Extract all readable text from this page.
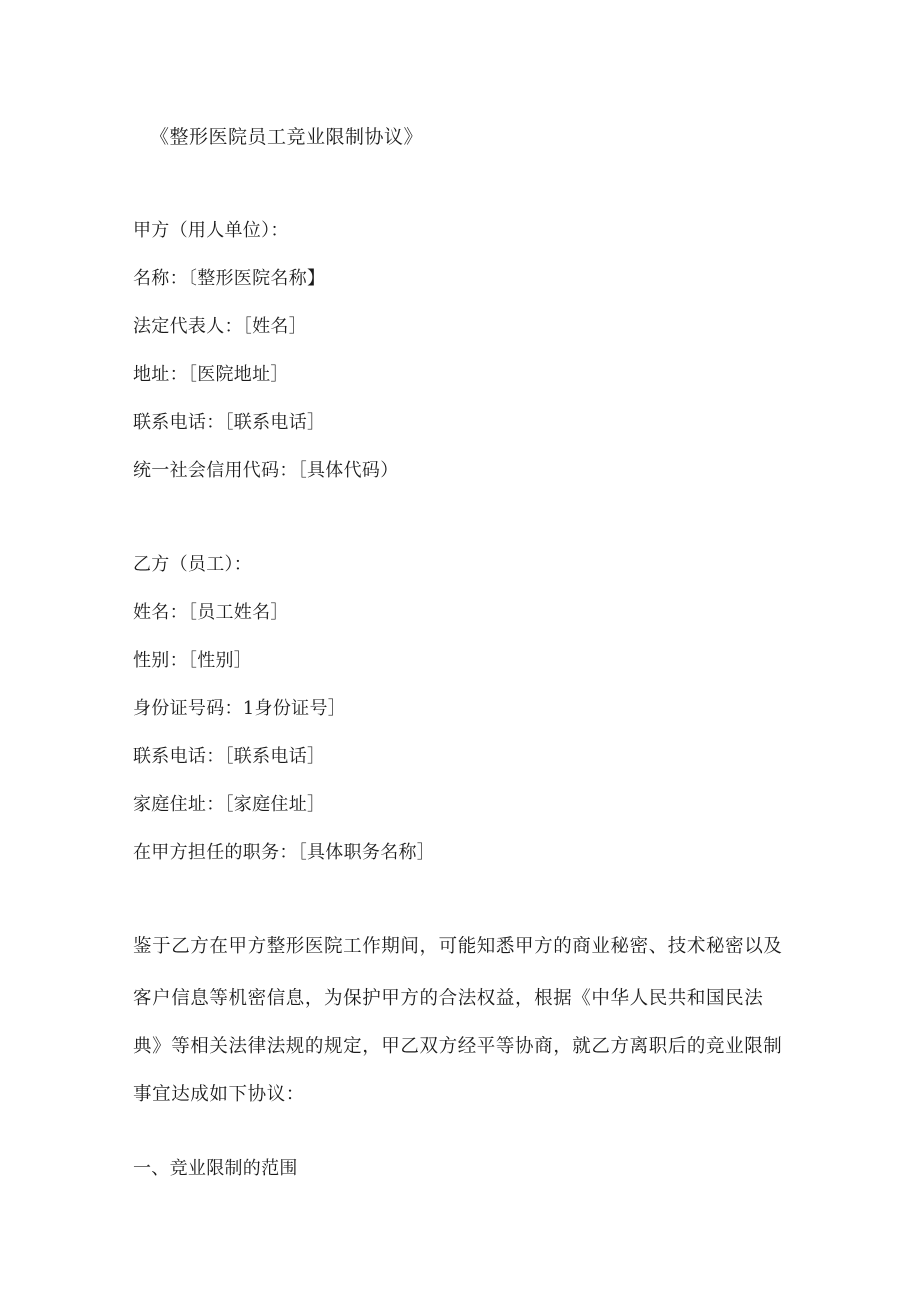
《整形医院员工竞业限制协议》
甲方（用人单位）：
名称：〔整形医院名称】
法定代表人：［姓名］
地址：［医院地址］
联系电话：［联系电话］
统一社会信用代码：［具体代码）
乙方（员工）：
姓名：［员工姓名］
性别：［性别］
身份证号码：1身份证号］
联系电话：［联系电话］
家庭住址：［家庭住址］
在甲方担任的职务：［具体职务名称］
鉴于乙方在甲方整形医院工作期间，可能知悉甲方的商业秘密、技术秘密以及
客户信息等机密信息，为保护甲方的合法权益，根据《中华人民共和国民法
典》等相关法律法规的规定，甲乙双方经平等协商，就乙方离职后的竞业限制
事宜达成如下协议：
一、竞业限制的范围
